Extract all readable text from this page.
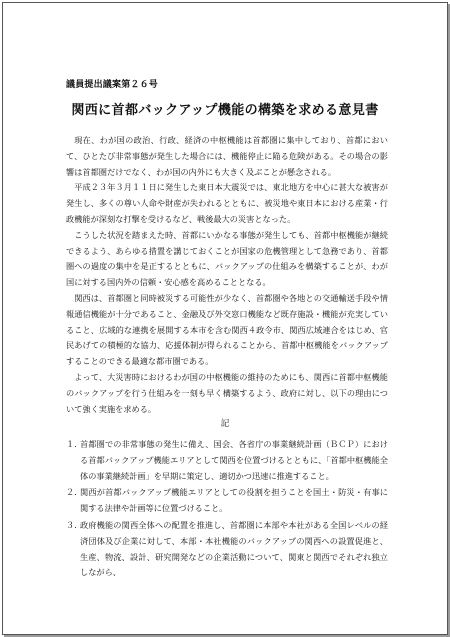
議員提出議案第２６号
関西に首都バックアップ機能の構築を求める意見書

現在、わが国の政治、行政、経済の中枢機能は首都圏に集中しており、首都において、ひとたび非常事態が発生した場合には、機能停止に陥る危険がある。その場合の影響は首都圏だけでなく、わが国の内外にも大きく及ぶことが懸念される。

平成２３年３月１１日に発生した東日本大震災では、東北地方を中心に甚大な被害が発生し、多くの尊い人命や財産が失われるとともに、被災地や東日本における産業・行政機能が深刻な打撃を受けるなど、戦後最大の災害となった。

こうした状況を踏まえた時、首都にいかなる事態が発生しても、首都中枢機能が継続できるよう、あらゆる措置を講じておくことが国家の危機管理として急務であり、首都圏への過度の集中を是正するとともに、バックアップの仕組みを構築することが、わが国に対する国内外の信頼・安心感を高めることとなる。

関西は、首都圏と同時被災する可能性が少なく、首都圏や各地との交通輸送手段や情報通信機能が十分であること、金融及び外交窓口機能など既存施設・機能が充実していること、広域的な連携を展開する本市を含む関西４政令市、関西広域連合をはじめ、官民あげての積極的な協力、応援体制が得られることから、首都中枢機能をバックアップすることのできる最適な都市圏である。

よって、大災害時におけるわが国の中枢機能の維持のためにも、関西に首都中枢機能のバックアップを行う仕組みを一刻も早く構築するよう、政府に対し、以下の理由について強く実施を求める。

記
１. 首都圏での非常事態の発生に備え、国会、各省庁の事業継続計画（ＢＣＰ）における首都バックアップ機能エリアとして関西を位置づけるとともに、「首都中枢機能全体の事業継続計画」を早期に策定し、適切かつ迅速に推進すること。
２. 関西が首都バックアップ機能エリアとしての役割を担うことを国土・防災・有事に関する法律や計画等に位置づけること。
３. 政府機能の関西全体への配置を推進し、首都圏に本部や本社がある全国レベルの経済団体及び企業に対して、本部・本社機能のバックアップの関西への設置促進と、生産、物流、設計、研究開発などの企業活動について、関東と関西でそれぞれ独立しながら、
